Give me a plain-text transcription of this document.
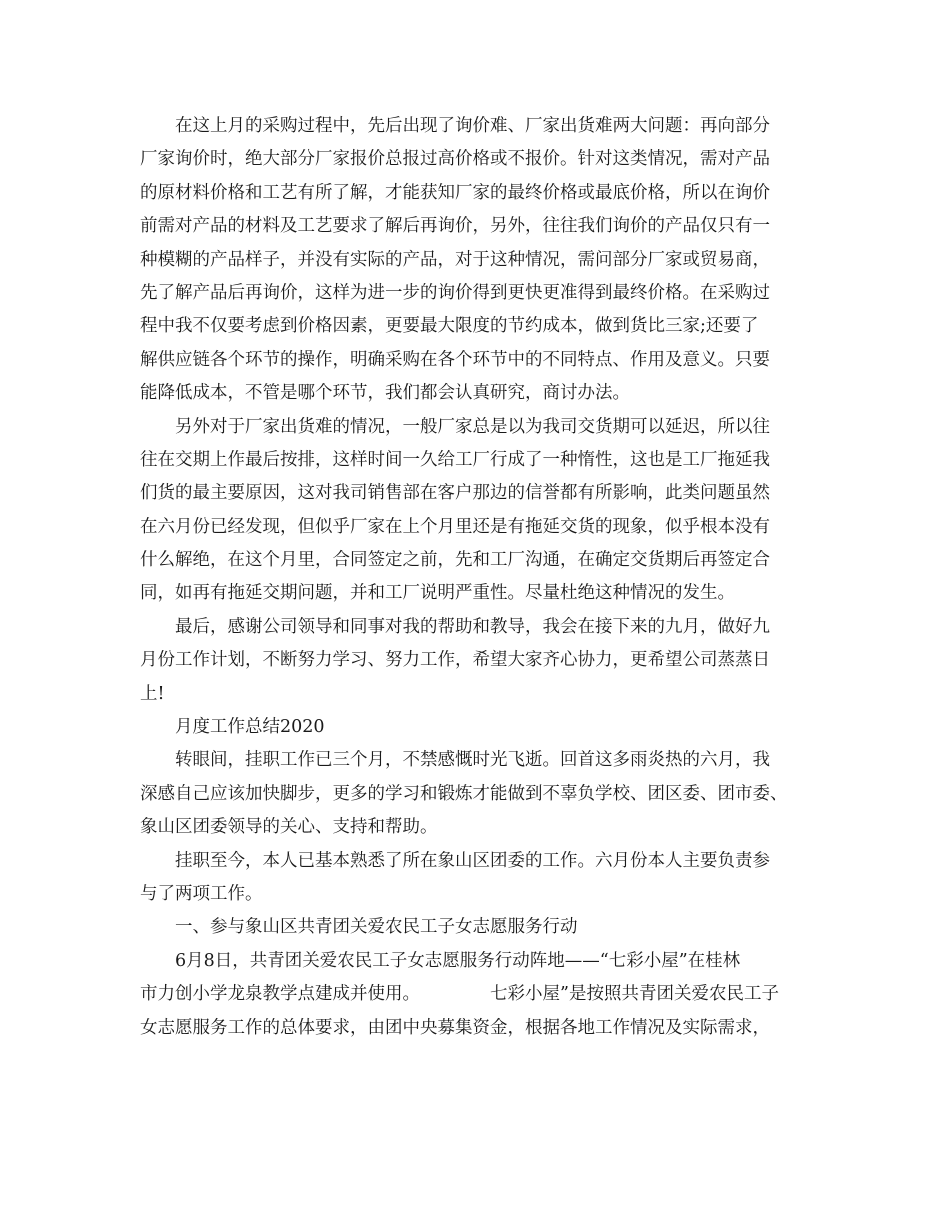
在这上月的采购过程中，先后出现了询价难、厂家出货难两大问题：再向部分
厂家询价时，绝大部分厂家报价总报过高价格或不报价。针对这类情况，需对产品
的原材料价格和工艺有所了解，才能获知厂家的最终价格或最底价格，所以在询价
前需对产品的材料及工艺要求了解后再询价，另外，往往我们询价的产品仅只有一
种模糊的产品样子，并没有实际的产品，对于这种情况，需问部分厂家或贸易商，
先了解产品后再询价，这样为进一步的询价得到更快更准得到最终价格。在采购过
程中我不仅要考虑到价格因素，更要最大限度的节约成本，做到货比三家;还要了
解供应链各个环节的操作，明确采购在各个环节中的不同特点、作用及意义。只要
能降低成本，不管是哪个环节，我们都会认真研究，商讨办法。
另外对于厂家出货难的情况，一般厂家总是以为我司交货期可以延迟，所以往
往在交期上作最后按排，这样时间一久给工厂行成了一种惰性，这也是工厂拖延我
们货的最主要原因，这对我司销售部在客户那边的信誉都有所影响，此类问题虽然
在六月份已经发现，但似乎厂家在上个月里还是有拖延交货的现象，似乎根本没有
什么解绝，在这个月里，合同签定之前，先和工厂沟通，在确定交货期后再签定合
同，如再有拖延交期问题，并和工厂说明严重性。尽量杜绝这种情况的发生。
最后，感谢公司领导和同事对我的帮助和教导，我会在接下来的九月，做好九
月份工作计划，不断努力学习、努力工作，希望大家齐心协力，更希望公司蒸蒸日
上!
月度工作总结2020
转眼间，挂职工作已三个月，不禁感慨时光飞逝。回首这多雨炎热的六月，我
深感自己应该加快脚步，更多的学习和锻炼才能做到不辜负学校、团区委、团市委、
象山区团委领导的关心、支持和帮助。
挂职至今，本人已基本熟悉了所在象山区团委的工作。六月份本人主要负责参
与了两项工作。
一、参与象山区共青团关爱农民工子女志愿服务行动
6月8日，共青团关爱农民工子女志愿服务行动阵地——“七彩小屋”在桂林
市力创小学龙泉教学点建成并使用。	七彩小屋”是按照共青团关爱农民工子
女志愿服务工作的总体要求，由团中央募集资金，根据各地工作情况及实际需求，
